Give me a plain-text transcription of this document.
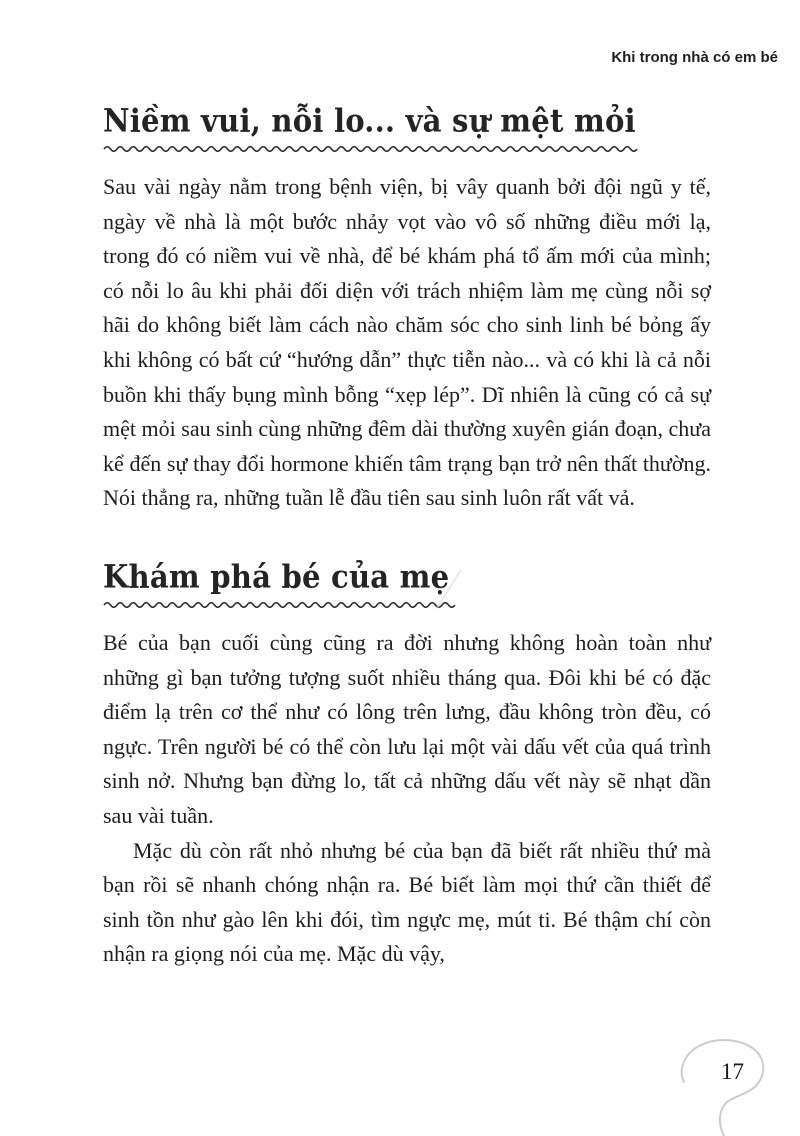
Khi trong nhà có em bé
Niềm vui, nỗi lo... và sự mệt mỏi

Sau vài ngày nằm trong bệnh viện, bị vây quanh bởi đội ngũ y tế, ngày về nhà là một bước nhảy vọt vào vô số những điều mới lạ, trong đó có niềm vui về nhà, để bé khám phá tổ ấm mới của mình; có nỗi lo âu khi phải đối diện với trách nhiệm làm mẹ cùng nỗi sợ hãi do không biết làm cách nào chăm sóc cho sinh linh bé bỏng ấy khi không có bất cứ “hướng dẫn” thực tiễn nào... và có khi là cả nỗi buồn khi thấy bụng mình bỗng “xẹp lép”. Dĩ nhiên là cũng có cả sự mệt mỏi sau sinh cùng những đêm dài thường xuyên gián đoạn, chưa kể đến sự thay đổi hormone khiến tâm trạng bạn trở nên thất thường. Nói thẳng ra, những tuần lễ đầu tiên sau sinh luôn rất vất vả.

Khám phá bé của mẹ

Bé của bạn cuối cùng cũng ra đời nhưng không hoàn toàn như những gì bạn tưởng tượng suốt nhiều tháng qua. Đôi khi bé có đặc điểm lạ trên cơ thể như có lông trên lưng, đầu không tròn đều, có ngực. Trên người bé có thể còn lưu lại một vài dấu vết của quá trình sinh nở. Nhưng bạn đừng lo, tất cả những dấu vết này sẽ nhạt dần sau vài tuần.

Mặc dù còn rất nhỏ nhưng bé của bạn đã biết rất nhiều thứ mà bạn rồi sẽ nhanh chóng nhận ra. Bé biết làm mọi thứ cần thiết để sinh tồn như gào lên khi đói, tìm ngực mẹ, mút ti. Bé thậm chí còn nhận ra giọng nói của mẹ. Mặc dù vậy,

17
